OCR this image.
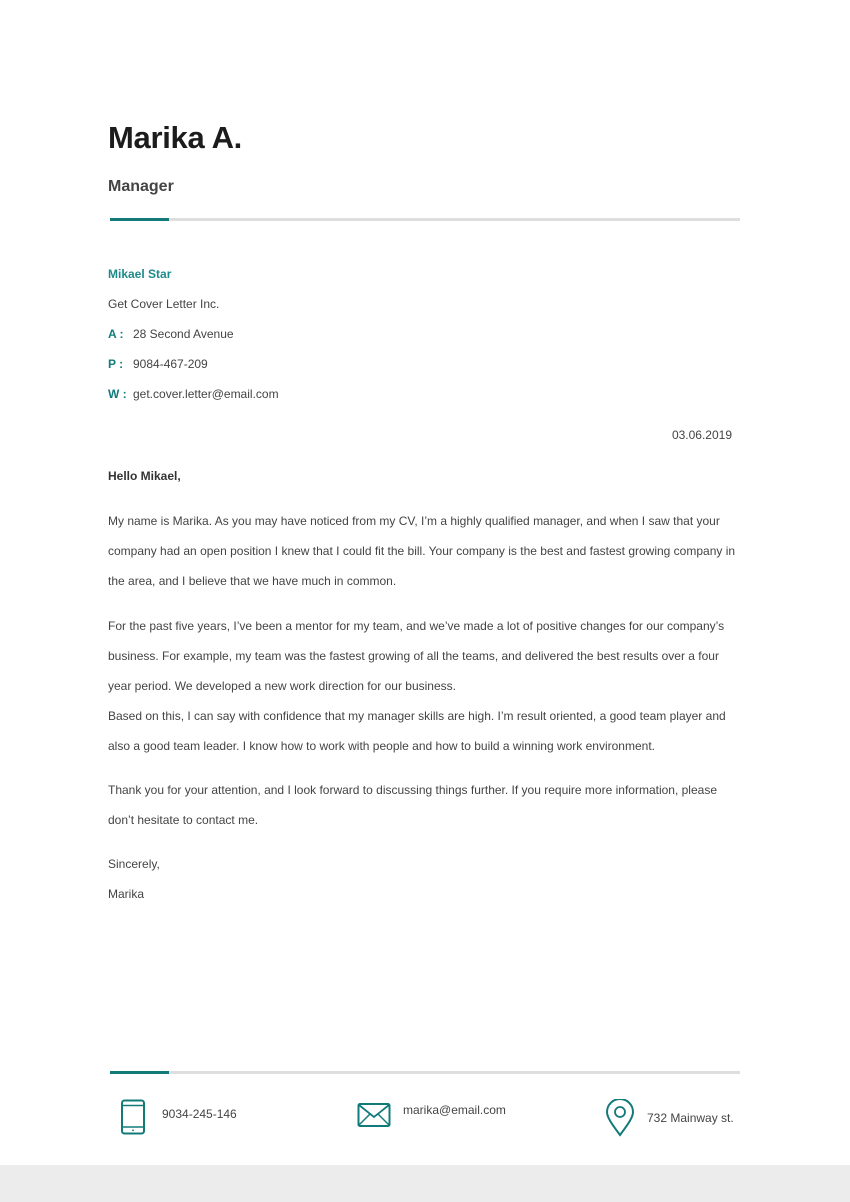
Marika A.
Manager
Mikael Star
Get Cover Letter Inc.
A : 28 Second Avenue
P : 9084-467-209
W : get.cover.letter@email.com
03.06.2019
Hello Mikael,
My name is Marika. As you may have noticed from my CV, I’m a highly qualified manager, and when I saw that your company had an open position I knew that I could fit the bill. Your company is the best and fastest growing company in the area, and I believe that we have much in common.
For the past five years, I’ve been a mentor for my team, and we’ve made a lot of positive changes for our company’s business. For example, my team was the fastest growing of all the teams, and delivered the best results over a four year period. We developed a new work direction for our business.
Based on this, I can say with confidence that my manager skills are high. I’m result oriented, a good team player and also a good team leader. I know how to work with people and how to build a winning work environment.
Thank you for your attention, and I look forward to discussing things further. If you require more information, please don’t hesitate to contact me.
Sincerely,
Marika
9034-245-146	marika@email.com
732 Mainway st.
